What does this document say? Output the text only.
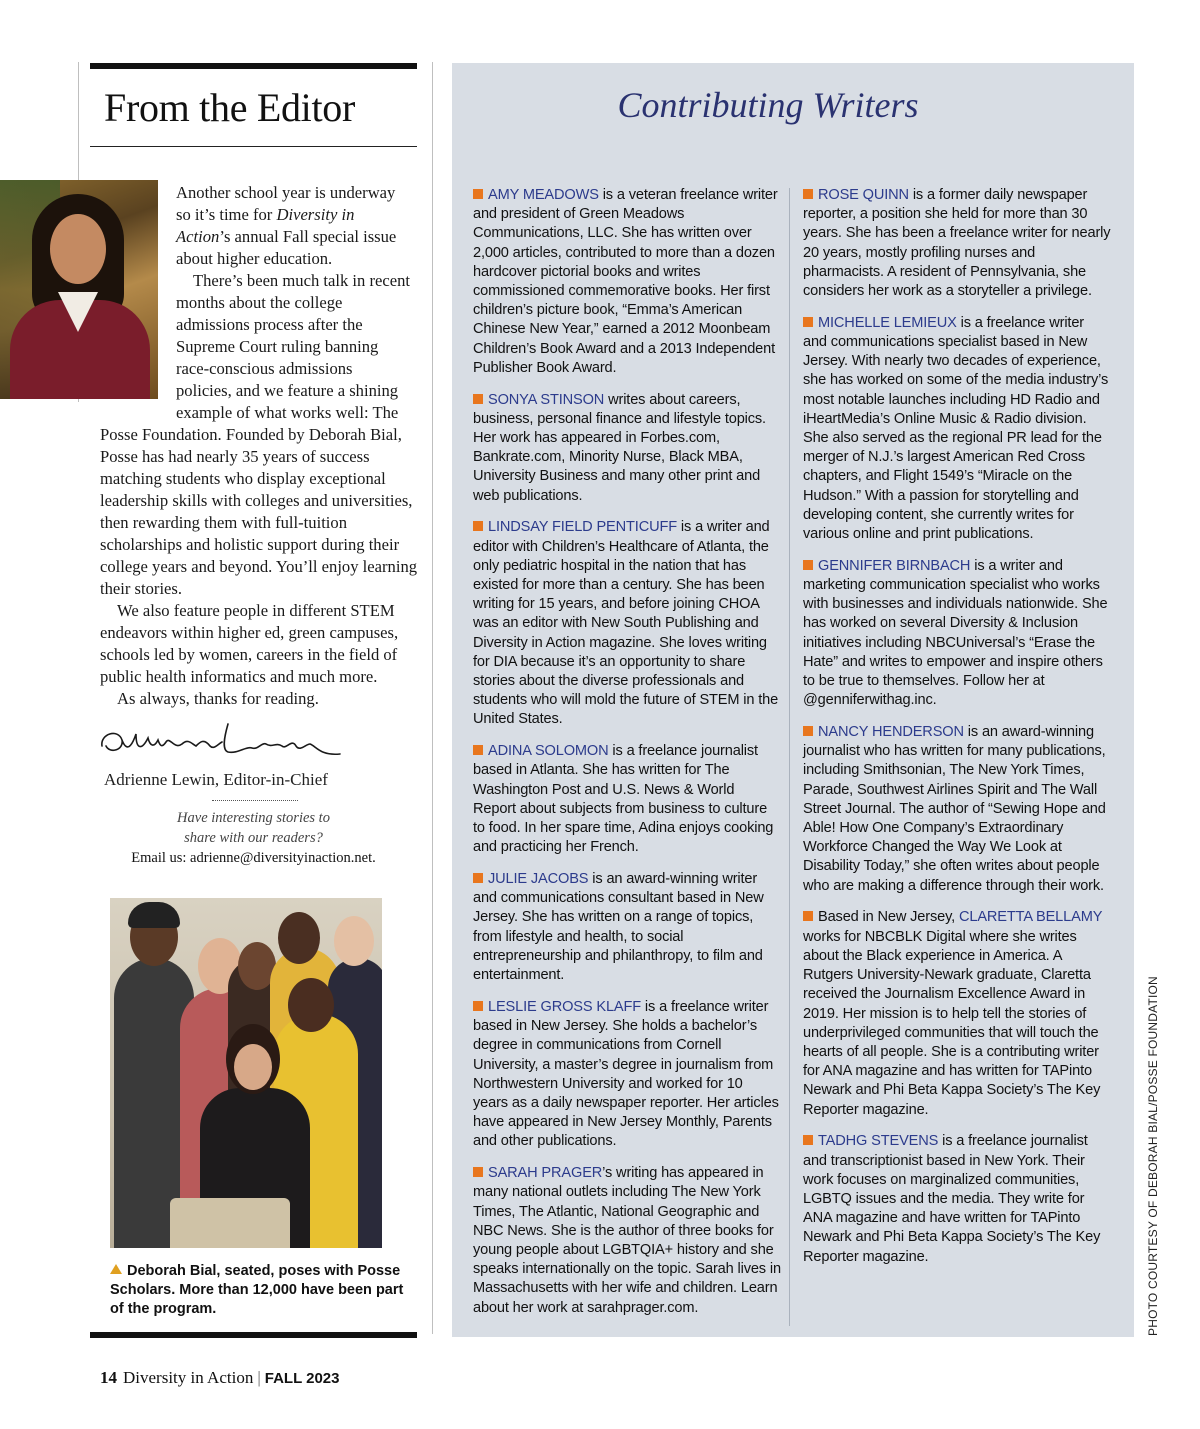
From the Editor

Another school year is underway so it’s time for Diversity in Action’s annual Fall special issue about higher education.

There’s been much talk in recent months about the college admissions process after the Supreme Court ruling banning race-conscious admissions policies, and we feature a shining example of what works well: The

Posse Foundation. Founded by Deborah Bial, Posse has had nearly 35 years of success matching students who display exceptional leadership skills with colleges and universities, then rewarding them with full-tuition scholarships and holistic support during their college years and beyond. You’ll enjoy learning their stories.

We also feature people in different STEM endeavors within higher ed, green campuses, schools led by women, careers in the field of public health informatics and much more.

As always, thanks for reading.

Adrienne Lewin, Editor-in-Chief
Have interesting stories to
share with our readers?
Email us: adrienne@diversityinaction.net.
Deborah Bial, seated, poses with Posse Scholars. More than 12,000 have been part of the program.
Contributing Writers

AMY MEADOWS is a veteran freelance writer and president of Green Meadows Communications, LLC. She has written over 2,000 articles, contributed to more than a dozen hardcover pictorial books and writes commissioned commemorative books. Her first children’s picture book, “Emma’s American Chinese New Year,” earned a 2012 Moonbeam Children’s Book Award and a 2013 Independent Publisher Book Award.

SONYA STINSON writes about careers, business, personal finance and lifestyle topics. Her work has appeared in Forbes.com, Bankrate.com, Minority Nurse, Black MBA, University Business and many other print and web publications.

LINDSAY FIELD PENTICUFF is a writer and editor with Children’s Healthcare of Atlanta, the only pediatric hospital in the nation that has existed for more than a century. She has been writing for 15 years, and before joining CHOA was an editor with New South Publishing and Diversity in Action magazine. She loves writing for DIA because it’s an opportunity to share stories about the diverse professionals and students who will mold the future of STEM in the United States.

ADINA SOLOMON is a freelance journalist based in Atlanta. She has written for The Washington Post and U.S. News & World Report about subjects from business to culture to food. In her spare time, Adina enjoys cooking and practicing her French.

JULIE JACOBS is an award-winning writer and communications consultant based in New Jersey. She has written on a range of topics, from lifestyle and health, to social entrepreneurship and philanthropy, to film and entertainment.

LESLIE GROSS KLAFF is a freelance writer based in New Jersey. She holds a bachelor’s degree in communications from Cornell University, a master’s degree in journalism from Northwestern University and worked for 10 years as a daily newspaper reporter. Her articles have appeared in New Jersey Monthly, Parents and other publications.

SARAH PRAGER’s writing has appeared in many national outlets including The New York Times, The Atlantic, National Geographic and NBC News. She is the author of three books for young people about LGBTQIA+ history and she speaks internationally on the topic. Sarah lives in Massachusetts with her wife and children. Learn about her work at sarahprager.com.

ROSE QUINN is a former daily newspaper reporter, a position she held for more than 30 years. She has been a freelance writer for nearly 20 years, mostly profiling nurses and pharmacists. A resident of Pennsylvania, she considers her work as a storyteller a privilege.

MICHELLE LEMIEUX is a freelance writer and communications specialist based in New Jersey. With nearly two decades of experience, she has worked on some of the media industry’s most notable launches including HD Radio and iHeartMedia’s Online Music & Radio division. She also served as the regional PR lead for the merger of N.J.’s largest American Red Cross chapters, and Flight 1549’s “Miracle on the Hudson.” With a passion for storytelling and developing content, she currently writes for various online and print publications.

GENNIFER BIRNBACH is a writer and marketing communication specialist who works with businesses and individuals nationwide. She has worked on several Diversity & Inclusion initiatives including NBCUniversal’s “Erase the Hate” and writes to empower and inspire others to be true to themselves. Follow her at @genniferwithag.inc.

NANCY HENDERSON is an award-winning journalist who has written for many publications, including Smithsonian, The New York Times, Parade, Southwest Airlines Spirit and The Wall Street Journal. The author of “Sewing Hope and Able! How One Company’s Extraordinary Workforce Changed the Way We Look at Disability Today,” she often writes about people who are making a difference through their work.

Based in New Jersey, CLARETTA BELLAMY works for NBCBLK Digital where she writes about the Black experience in America. A Rutgers University-Newark graduate, Claretta received the Journalism Excellence Award in 2019. Her mission is to help tell the stories of underprivileged communities that will touch the hearts of all people. She is a contributing writer for ANA magazine and has written for TAPinto Newark and Phi Beta Kappa Society’s The Key Reporter magazine.

TADHG STEVENS is a freelance journalist and transcriptionist based in New York. Their work focuses on marginalized communities, LGBTQ issues and the media. They write for ANA magazine and have written for TAPinto Newark and Phi Beta Kappa Society’s The Key Reporter magazine.	PHOTO COURTESY OF DEBORAH BIAL/POSSE FOUNDATION
14 Diversity in Action | FALL 2023
